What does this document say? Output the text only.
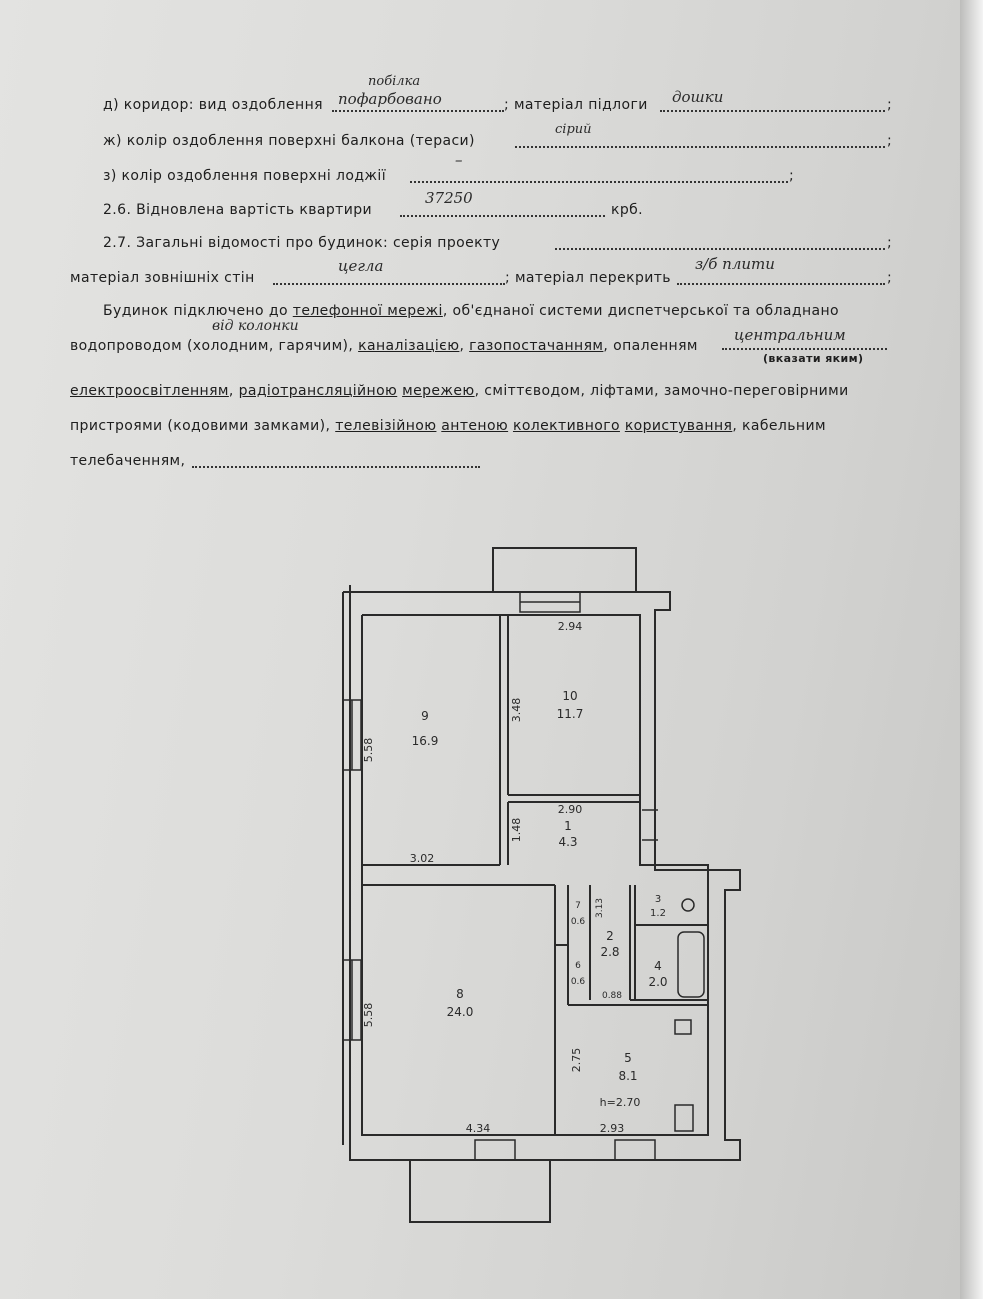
побілка
д) коридор: вид оздоблення пофарбовано	; матеріал підлоги дошки	;
ж) колір оздоблення поверхні балкона (тераси)
сірий
;
з) колір оздоблення поверхні лоджії
–
;
2.6. Відновлена вартість квартири
37250
крб.
2.7. Загальні відомості про будинок: серія проекту	;
матеріал зовнішніх стін
цегла
; матеріал перекрить
з/б плити
;
Будинок підключено до телефонної мережі, об'єднаної системи диспетчерської та обладнано
від колонки
водопроводом (холодним, гарячим), каналізацією, газопостачанням, опаленням
центральним
(вказати яким)
електроосвітленням, радіотрансляційною мережею, сміттєводом, ліфтами, замочно-переговірними
пристроями (кодовими замками), телевізійною антеною колективного користування, кабельним
телебаченням,
9
16.9
10
11.7
1
4.3
8
24.0
7
0.6
6
0.6
2
2.8
3
1.2
4
2.0
5
8.1
2.94
2.90
3.02
4.34	2.93
h=2.70
0.88
5.58
5.58
3.48
1.48
3.13
2.75
